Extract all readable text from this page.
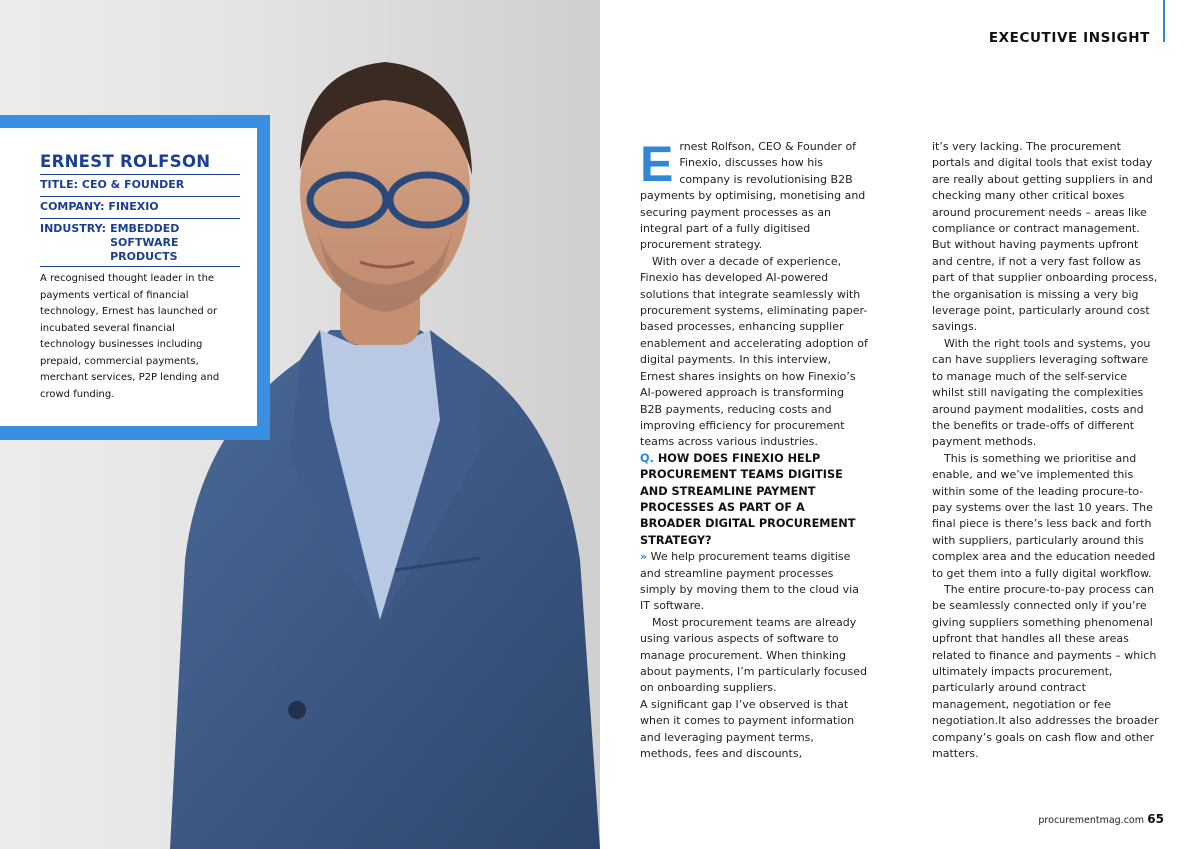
ERNEST ROLFSON
TITLE: CEO & FOUNDER
COMPANY: FINEXIO
INDUSTRY: EMBEDDED
SOFTWARE
PRODUCTS
A recognised thought leader in the payments vertical of financial technology, Ernest has launched or incubated several financial technology businesses including prepaid, commercial payments, merchant services, P2P lending and crowd funding.
EXECUTIVE INSIGHT

Ernest Rolfson, CEO & Founder of Finexio, discusses how his company is revolutionising B2B payments by optimising, monetising and securing payment processes as an integral part of a fully digitised procurement strategy.

With over a decade of experience, Finexio has developed AI-powered solutions that integrate seamlessly with procurement systems, eliminating paper-based processes, enhancing supplier enablement and accelerating adoption of digital payments. In this interview, Ernest shares insights on how Finexio’s AI-powered approach is transforming B2B payments, reducing costs and improving efficiency for procurement teams across various industries.

Q. HOW DOES FINEXIO HELP PROCUREMENT TEAMS DIGITISE AND STREAMLINE PAYMENT PROCESSES AS PART OF A BROADER DIGITAL PROCUREMENT STRATEGY?

» We help procurement teams digitise and streamline payment processes simply by moving them to the cloud via IT software.

Most procurement teams are already using various aspects of software to manage procurement. When thinking about payments, I’m particularly focused on onboarding suppliers.

A significant gap I’ve observed is that when it comes to payment information and leveraging payment terms, methods, fees and discounts,

it’s very lacking. The procurement portals and digital tools that exist today are really about getting suppliers in and checking many other critical boxes around procurement needs – areas like compliance or contract management. But without having payments upfront and centre, if not a very fast follow as part of that supplier onboarding process, the organisation is missing a very big leverage point, particularly around cost savings.

With the right tools and systems, you can have suppliers leveraging software to manage much of the self-service whilst still navigating the complexities around payment modalities, costs and the benefits or trade-offs of different payment methods.

This is something we prioritise and enable, and we’ve implemented this within some of the leading procure-to-pay systems over the last 10 years. The final piece is there’s less back and forth with suppliers, particularly around this complex area and the education needed to get them into a fully digital workflow.

The entire procure-to-pay process can be seamlessly connected only if you’re giving suppliers something phenomenal upfront that handles all these areas related to finance and payments – which ultimately impacts procurement, particularly around contract management, negotiation or fee negotiation.It also addresses the broader company’s goals on cash flow and other matters.

procurementmag.com 65
